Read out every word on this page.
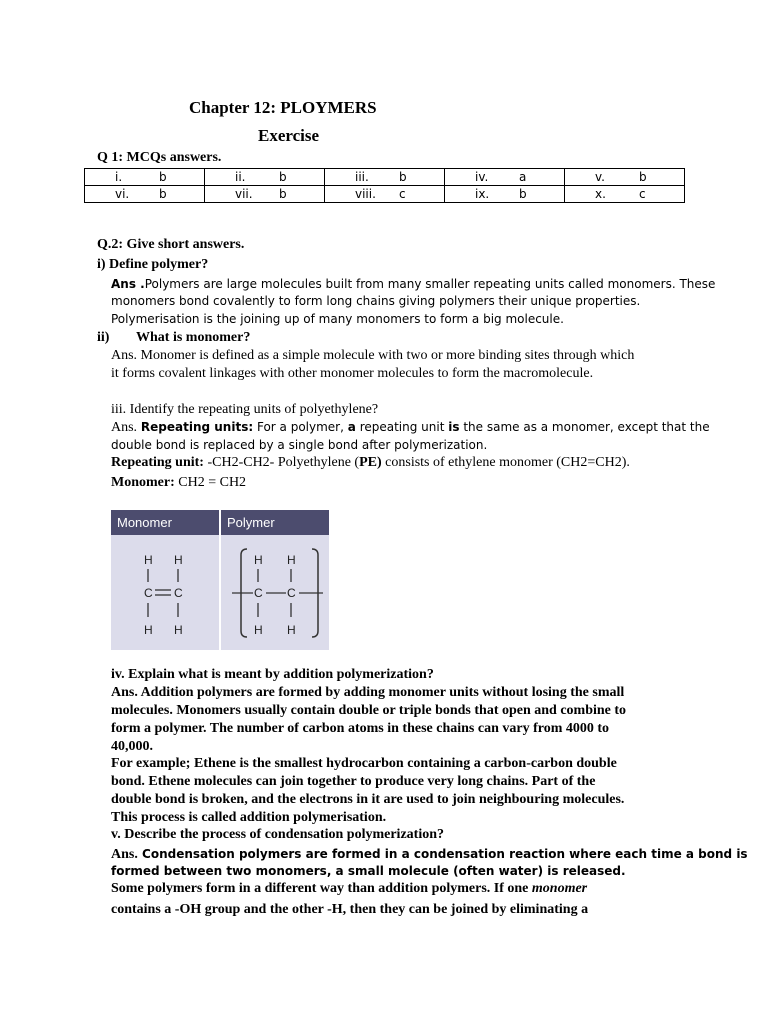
Chapter 12: PLOYMERS
Exercise
Q 1: MCQs answers.
i. b	ii. b	iii. b	iv. a	v. b

vi. b	vii. b	viii. c	ix. b	x. c
Q.2: Give short answers.
i) Define polymer?
Ans .Polymers are large molecules built from many smaller repeating units called monomers. These
monomers bond covalently to form long chains giving polymers their unique properties.
Polymerisation is the joining up of many monomers to form a big molecule.
ii) What is monomer?
Ans. Monomer is defined as a simple molecule with two or more binding sites through which
it forms covalent linkages with other monomer molecules to form the macromolecule.
iii. Identify the repeating units of polyethylene?
Ans. Repeating units: For a polymer, a repeating unit is the same as a monomer, except that the
double bond is replaced by a single bond after polymerization.
Repeating unit: -CH2-CH2- Polyethylene (PE) consists of ethylene monomer (CH2=CH2).
Monomer: CH2 = CH2
Monomer	Polymer
H H
C C
H H
H H
C C
H H
iv. Explain what is meant by addition polymerization?
Ans. Addition polymers are formed by adding monomer units without losing the small
molecules. Monomers usually contain double or triple bonds that open and combine to
form a polymer. The number of carbon atoms in these chains can vary from 4000 to
40,000.
For example; Ethene is the smallest hydrocarbon containing a carbon-carbon double
bond. Ethene molecules can join together to produce very long chains. Part of the
double bond is broken, and the electrons in it are used to join neighbouring molecules.
This process is called addition polymerisation.
v. Describe the process of condensation polymerization?
Ans. Condensation polymers are formed in a condensation reaction where each time a bond is
formed between two monomers, a small molecule (often water) is released.
Some polymers form in a different way than addition polymers. If one monomer
contains a -OH group and the other -H, then they can be joined by eliminating a
